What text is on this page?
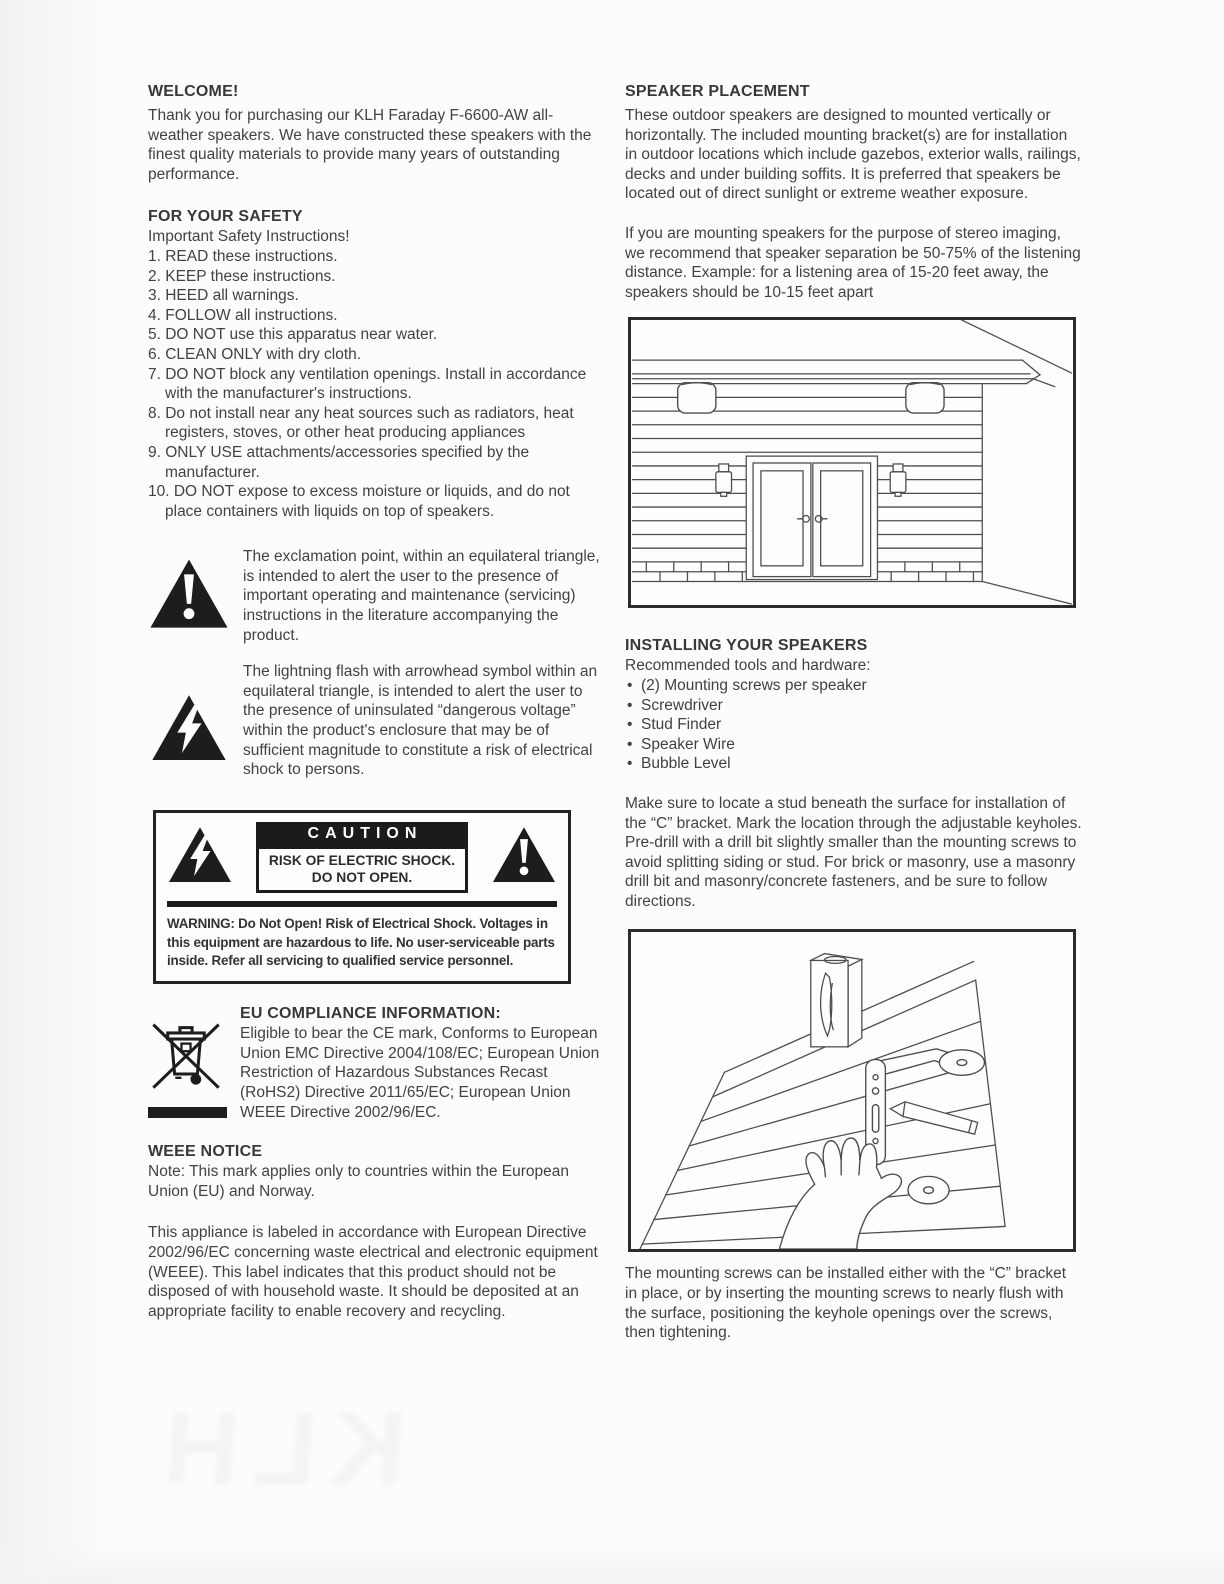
WELCOME!

Thank you for purchasing our KLH Faraday F-6600-AW all-weather speakers. We have constructed these speakers with the finest quality materials to provide many years of outstanding performance.

FOR YOUR SAFETY

Important Safety Instructions!

1. READ these instructions.
2. KEEP these instructions.
3. HEED all warnings.
4. FOLLOW all instructions.
5. DO NOT use this apparatus near water.
6. CLEAN ONLY with dry cloth.
7. DO NOT block any ventilation openings. Install in accordance with the manufacturer's instructions.
8. Do not install near any heat sources such as radiators, heat registers, stoves, or other heat producing appliances
9. ONLY USE attachments/accessories specified by the manufacturer.
10. DO NOT expose to excess moisture or liquids, and do not place containers with liquids on top of speakers.

The exclamation point, within an equilateral triangle, is intended to alert the user to the presence of important operating and maintenance (servicing) instructions in the literature accompanying the product.

The lightning flash with arrowhead symbol within an equilateral triangle, is intended to alert the user to the presence of uninsulated “dangerous voltage” within the product's enclosure that may be of sufficient magnitude to constitute a risk of electrical shock to persons.

CAUTION
RISK OF ELECTRIC SHOCK.
DO NOT OPEN.
WARNING: Do Not Open! Risk of Electrical Shock. Voltages in this equipment are hazardous to life. No user-serviceable parts inside. Refer all servicing to qualified service personnel.
EU COMPLIANCE INFORMATION:

Eligible to bear the CE mark, Conforms to European Union EMC Directive 2004/108/EC; European Union Restriction of Hazardous Substances Recast (RoHS2) Directive 2011/65/EC; European Union WEEE Directive 2002/96/EC.

WEEE NOTICE

Note: This mark applies only to countries within the European Union (EU) and Norway.

This appliance is labeled in accordance with European Directive 2002/96/EC concerning waste electrical and electronic equipment (WEEE). This label indicates that this product should not be disposed of with household waste. It should be deposited at an appropriate facility to enable recovery and recycling.

SPEAKER PLACEMENT

These outdoor speakers are designed to mounted vertically or horizontally. The included mounting bracket(s) are for installation in outdoor locations which include gazebos, exterior walls, railings, decks and under building soffits. It is preferred that speakers be located out of direct sunlight or extreme weather exposure.

If you are mounting speakers for the purpose of stereo imaging, we recommend that speaker separation be 50-75% of the listening distance. Example: for a listening area of 15-20 feet away, the speakers should be 10-15 feet apart

INSTALLING YOUR SPEAKERS

Recommended tools and hardware:

• (2) Mounting screws per speaker
• Screwdriver
• Stud Finder
• Speaker Wire
• Bubble Level

Make sure to locate a stud beneath the surface for installation of the “C” bracket. Mark the location through the adjustable keyholes. Pre-drill with a drill bit slightly smaller than the mounting screws to avoid splitting siding or stud. For brick or masonry, use a masonry drill bit and masonry/concrete fasteners, and be sure to follow directions.

The mounting screws can be installed either with the “C” bracket in place, or by inserting the mounting screws to nearly flush with the surface, positioning the keyhole openings over the screws, then tightening.
